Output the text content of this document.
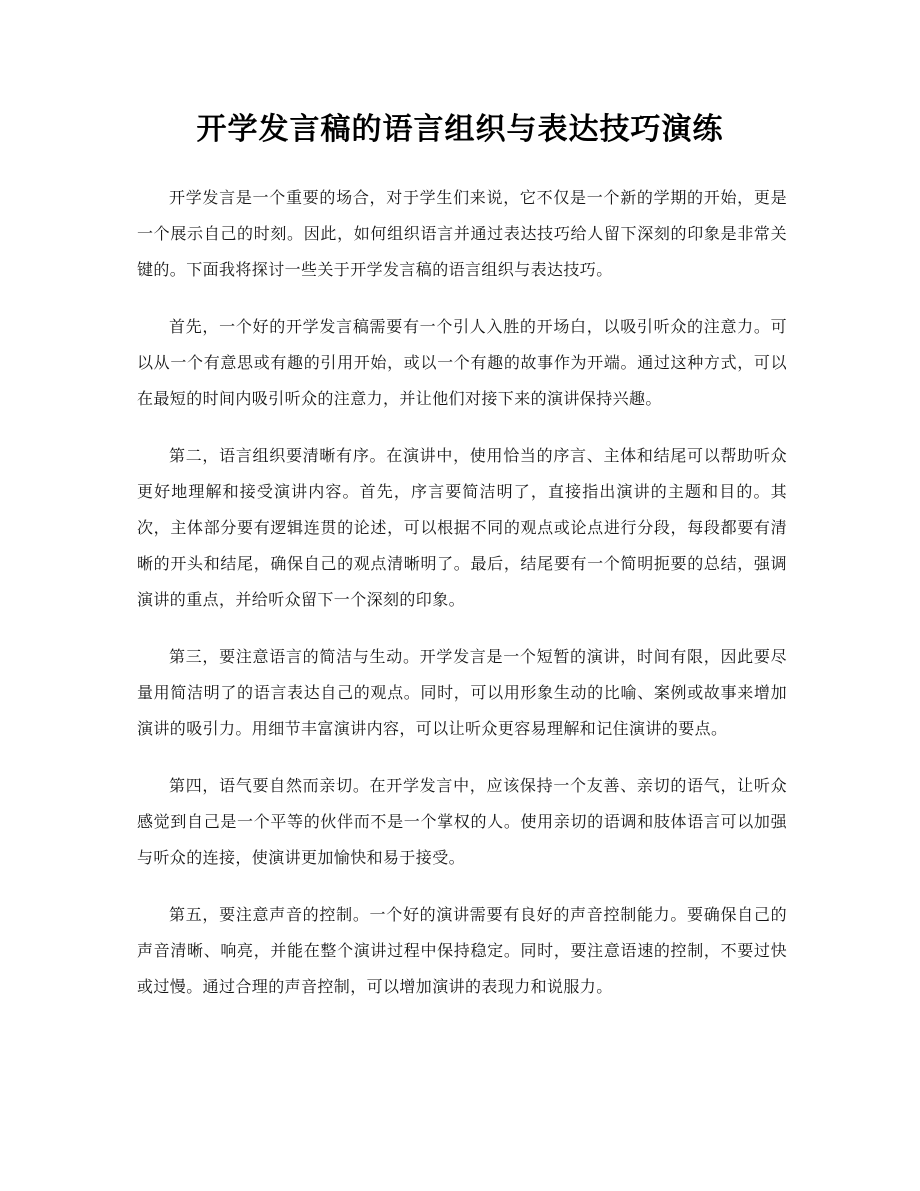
开学发言稿的语言组织与表达技巧演练

开学发言是一个重要的场合，对于学生们来说，它不仅是一个新的学期的开始，更是一个展示自己的时刻。因此，如何组织语言并通过表达技巧给人留下深刻的印象是非常关键的。下面我将探讨一些关于开学发言稿的语言组织与表达技巧。

首先，一个好的开学发言稿需要有一个引人入胜的开场白，以吸引听众的注意力。可以从一个有意思或有趣的引用开始，或以一个有趣的故事作为开端。通过这种方式，可以在最短的时间内吸引听众的注意力，并让他们对接下来的演讲保持兴趣。

第二，语言组织要清晰有序。在演讲中，使用恰当的序言、主体和结尾可以帮助听众更好地理解和接受演讲内容。首先，序言要简洁明了，直接指出演讲的主题和目的。其次，主体部分要有逻辑连贯的论述，可以根据不同的观点或论点进行分段，每段都要有清晰的开头和结尾，确保自己的观点清晰明了。最后，结尾要有一个简明扼要的总结，强调演讲的重点，并给听众留下一个深刻的印象。

第三，要注意语言的简洁与生动。开学发言是一个短暂的演讲，时间有限，因此要尽量用简洁明了的语言表达自己的观点。同时，可以用形象生动的比喻、案例或故事来增加演讲的吸引力。用细节丰富演讲内容，可以让听众更容易理解和记住演讲的要点。

第四，语气要自然而亲切。在开学发言中，应该保持一个友善、亲切的语气，让听众感觉到自己是一个平等的伙伴而不是一个掌权的人。使用亲切的语调和肢体语言可以加强与听众的连接，使演讲更加愉快和易于接受。

第五，要注意声音的控制。一个好的演讲需要有良好的声音控制能力。要确保自己的声音清晰、响亮，并能在整个演讲过程中保持稳定。同时，要注意语速的控制，不要过快或过慢。通过合理的声音控制，可以增加演讲的表现力和说服力。
